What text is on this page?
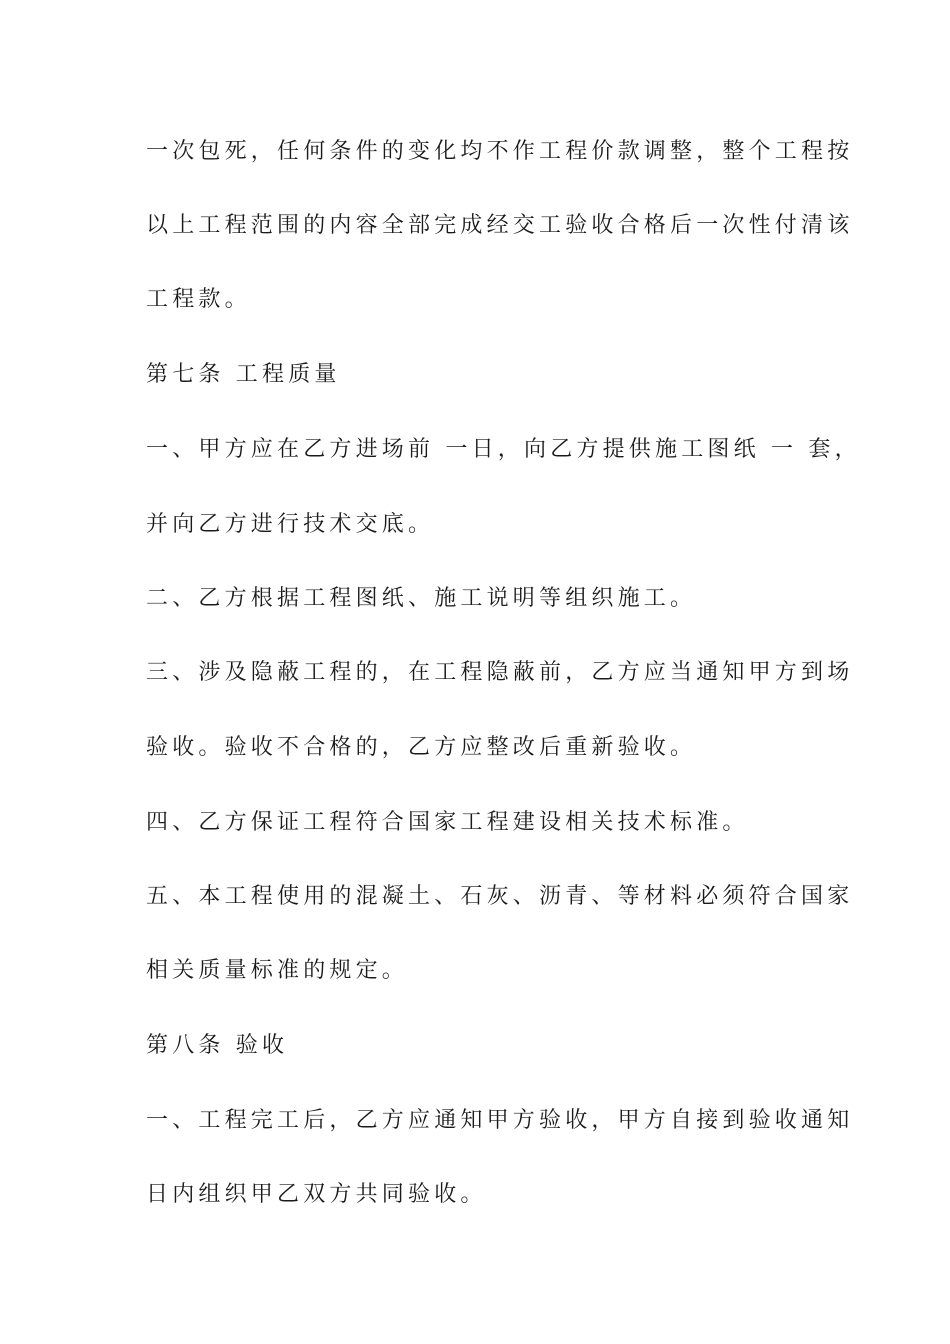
一次包死，任何条件的变化均不作工程价款调整，整个工程按
以上工程范围的内容全部完成经交工验收合格后一次性付清该
工程款。
第七条 工程质量
一、甲方应在乙方进场前 一日，向乙方提供施工图纸 一 套，
并向乙方进行技术交底。
二、乙方根据工程图纸、施工说明等组织施工。
三、涉及隐蔽工程的，在工程隐蔽前，乙方应当通知甲方到场
验收。验收不合格的，乙方应整改后重新验收。
四、乙方保证工程符合国家工程建设相关技术标准。
五、本工程使用的混凝土、石灰、沥青、等材料必须符合国家
相关质量标准的规定。
第八条 验收
一、工程完工后，乙方应通知甲方验收，甲方自接到验收通知
日内组织甲乙双方共同验收。
